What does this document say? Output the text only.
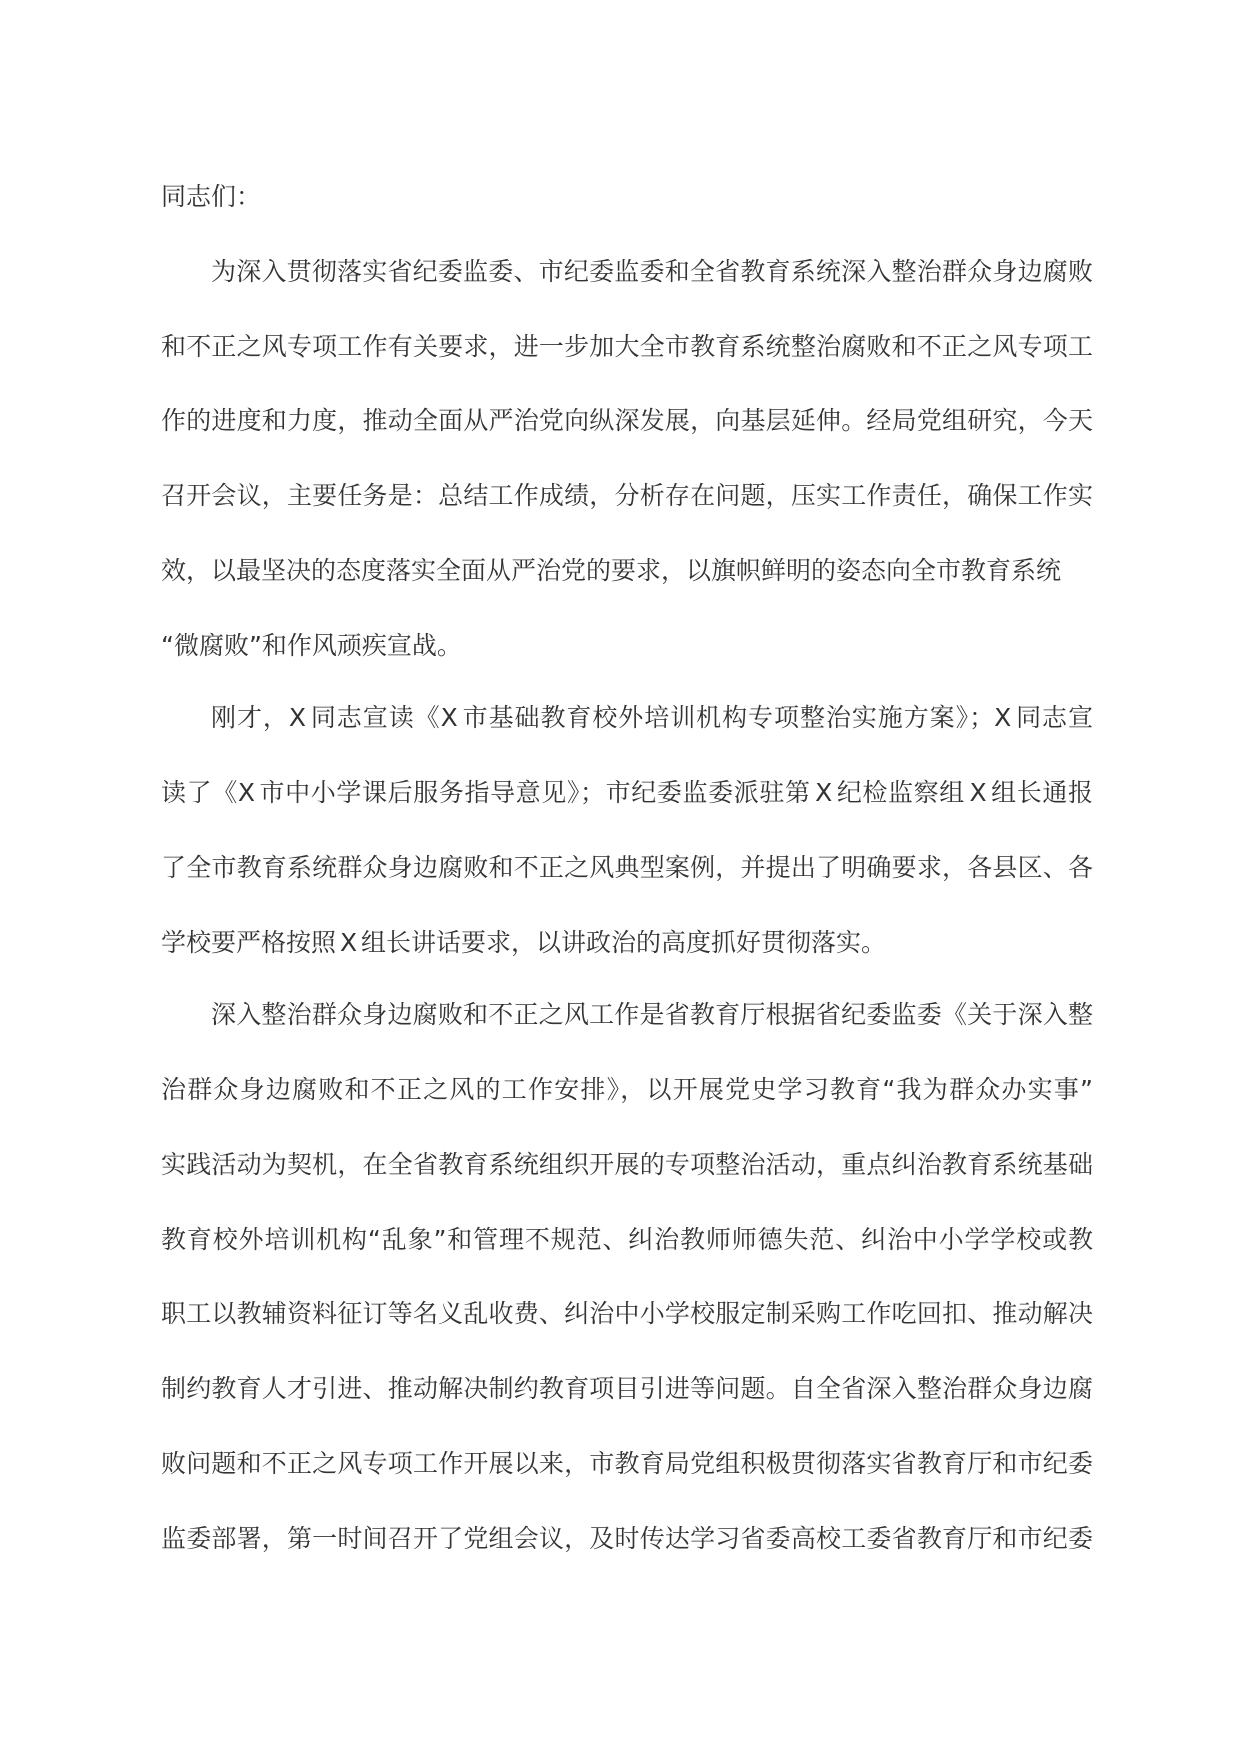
同志们：
为深入贯彻落实省纪委监委、市纪委监委和全省教育系统深入整治群众身边腐败
和不正之风专项工作有关要求，进一步加大全市教育系统整治腐败和不正之风专项工
作的进度和力度，推动全面从严治党向纵深发展，向基层延伸。经局党组研究，今天
召开会议，主要任务是：总结工作成绩，分析存在问题，压实工作责任，确保工作实
效，以最坚决的态度落实全面从严治党的要求，以旗帜鲜明的姿态向全市教育系统
“微腐败”和作风顽疾宣战。
刚才，X 同志宣读《X 市基础教育校外培训机构专项整治实施方案》；X 同志宣
读了《X 市中小学课后服务指导意见》；市纪委监委派驻第 X 纪检监察组 X 组长通报
了全市教育系统群众身边腐败和不正之风典型案例，并提出了明确要求，各县区、各
学校要严格按照 X 组长讲话要求，以讲政治的高度抓好贯彻落实。
深入整治群众身边腐败和不正之风工作是省教育厅根据省纪委监委《关于深入整
治群众身边腐败和不正之风的工作安排》，以开展党史学习教育“我为群众办实事”
实践活动为契机，在全省教育系统组织开展的专项整治活动，重点纠治教育系统基础
教育校外培训机构“乱象”和管理不规范、纠治教师师德失范、纠治中小学学校或教
职工以教辅资料征订等名义乱收费、纠治中小学校服定制采购工作吃回扣、推动解决
制约教育人才引进、推动解决制约教育项目引进等问题。自全省深入整治群众身边腐
败问题和不正之风专项工作开展以来，市教育局党组积极贯彻落实省教育厅和市纪委
监委部署，第一时间召开了党组会议，及时传达学习省委高校工委省教育厅和市纪委
